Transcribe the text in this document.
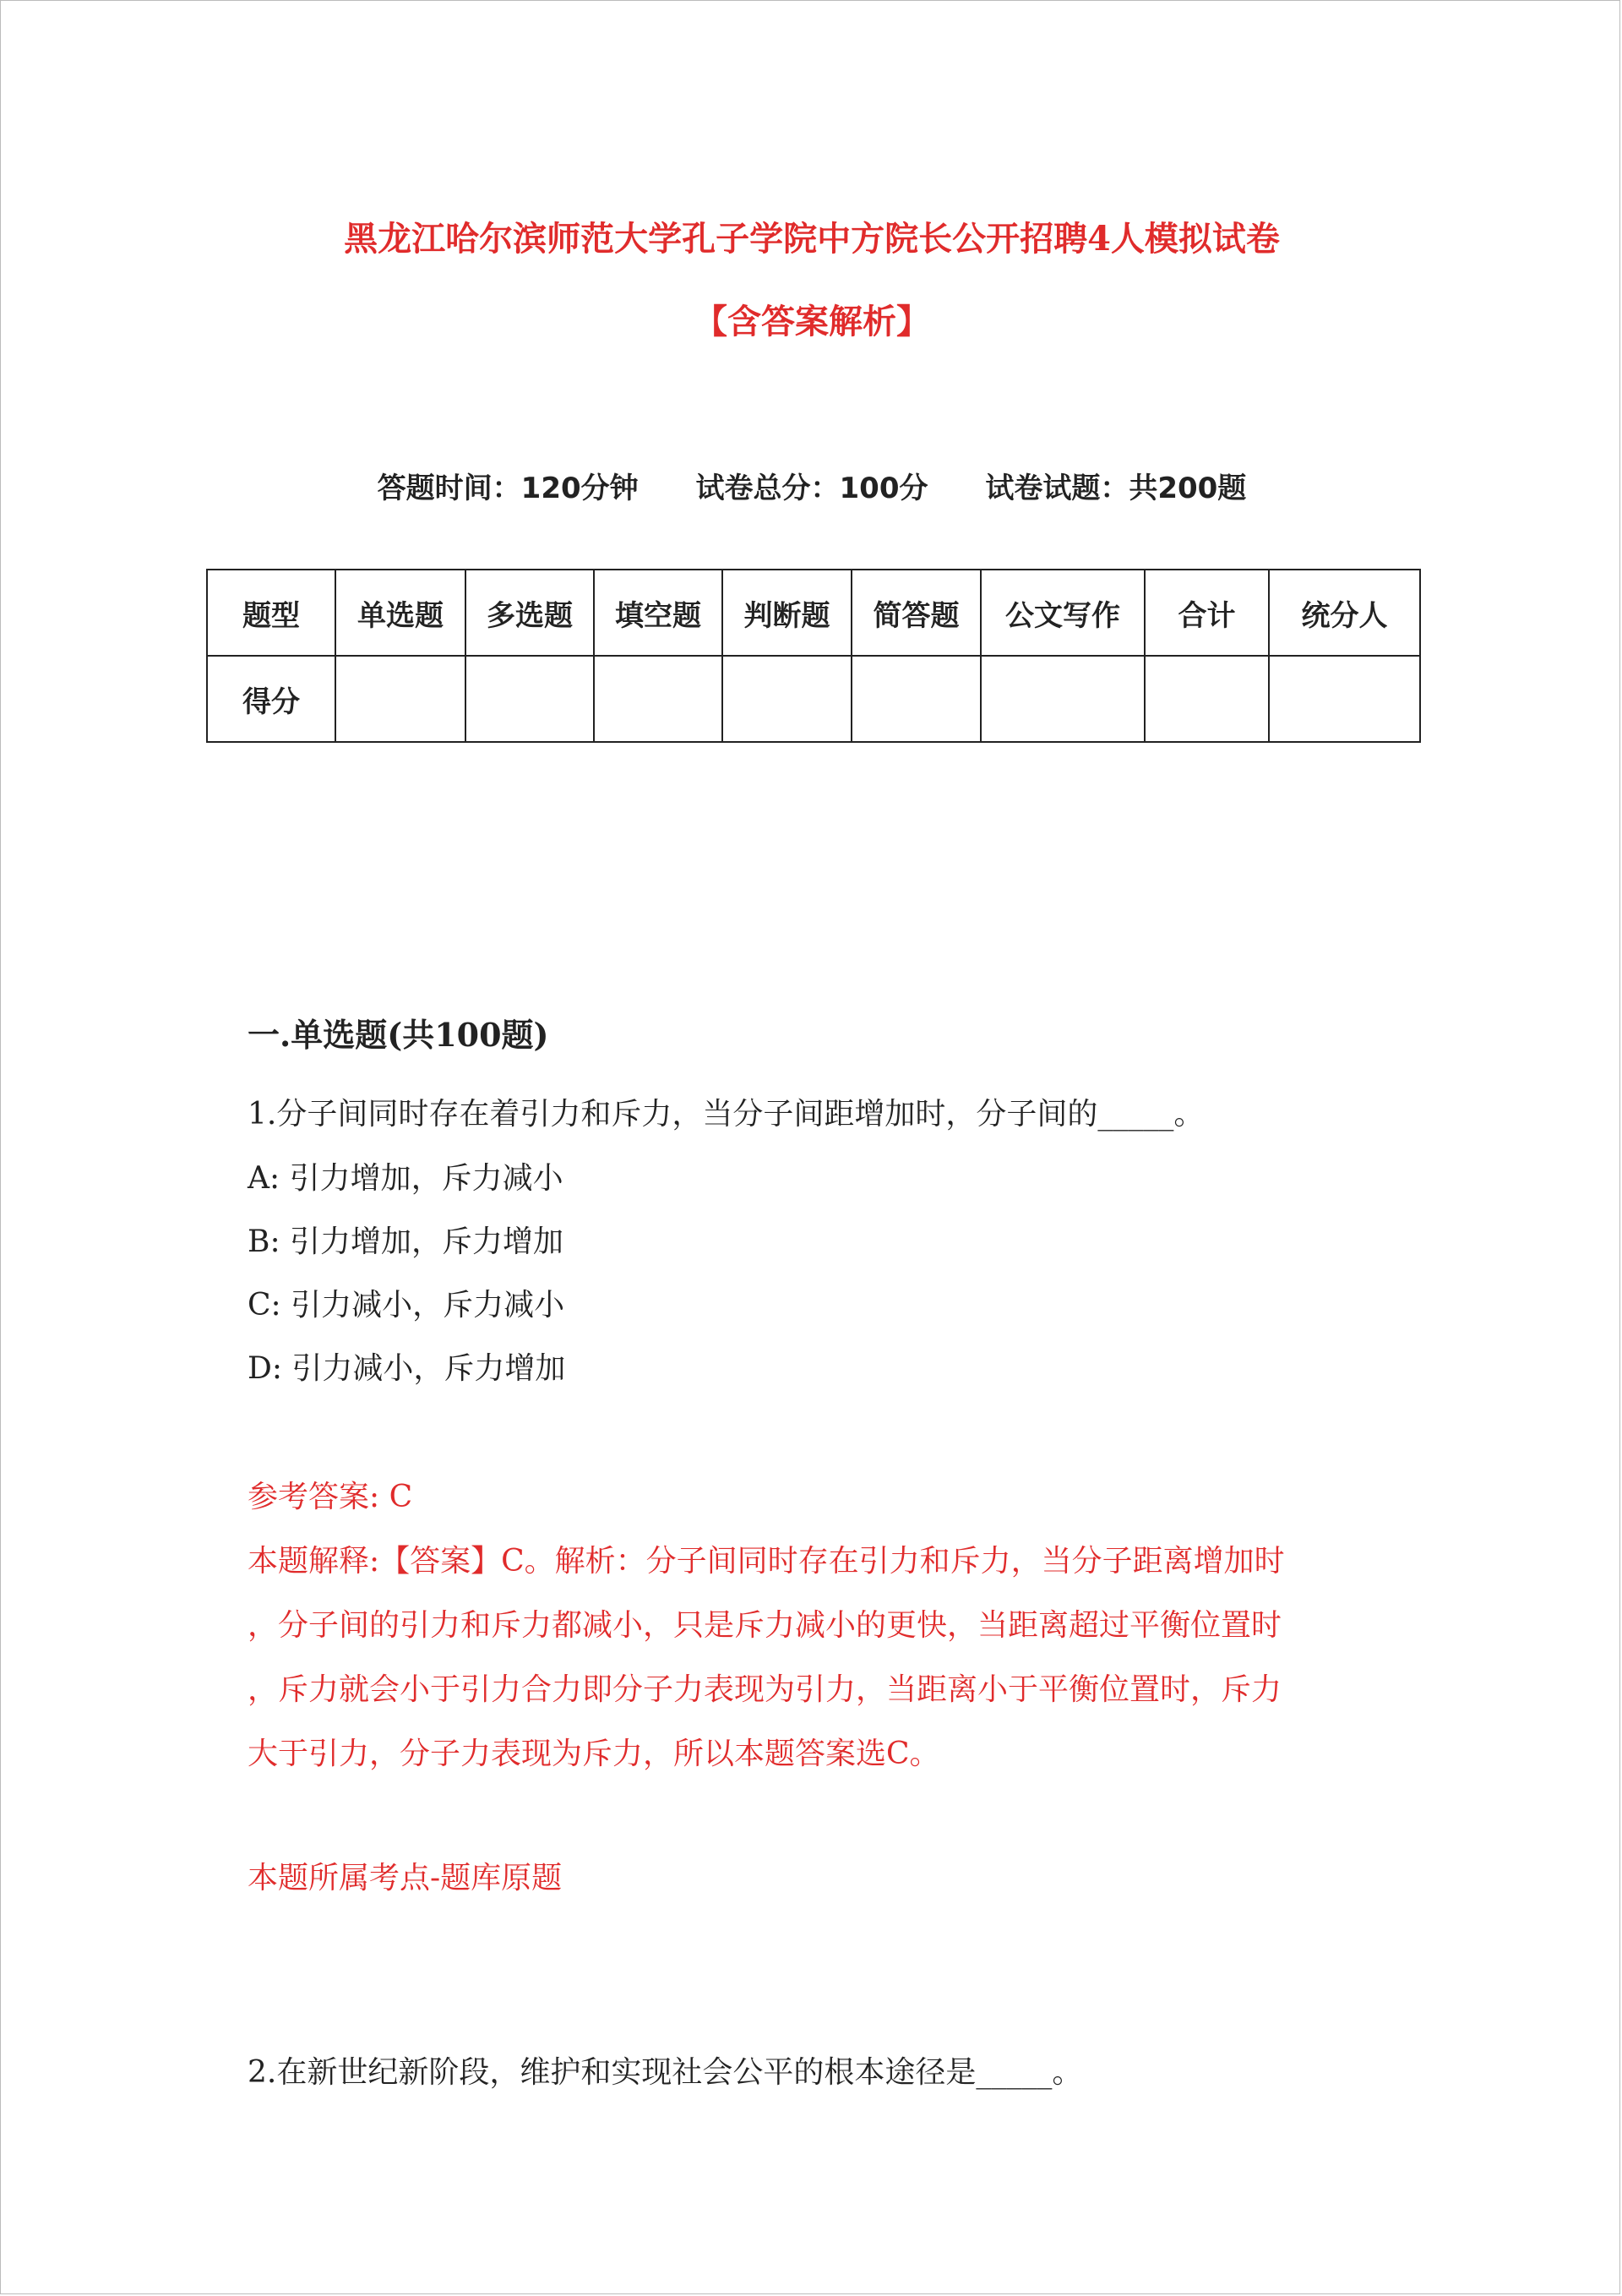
黑龙江哈尔滨师范大学孔子学院中方院长公开招聘4人模拟试卷
【含答案解析】
答题时间：120分钟 试卷总分：100分 试卷试题：共200题
题型	单选题	多选题	填空题	判断题	简答题	公文写作	合计	统分人
得分								
一.单选题(共100题)
1.分子间同时存在着引力和斥力，当分子间距增加时，分子间的_____。
A: 引力增加，斥力减小
B: 引力增加，斥力增加
C: 引力减小，斥力减小
D: 引力减小，斥力增加
参考答案: C
本题解释:【答案】C。解析：分子间同时存在引力和斥力，当分子距离增加时
，分子间的引力和斥力都减小，只是斥力减小的更快，当距离超过平衡位置时
，斥力就会小于引力合力即分子力表现为引力，当距离小于平衡位置时，斥力
大于引力，分子力表现为斥力，所以本题答案选C。
本题所属考点-题库原题
2.在新世纪新阶段，维护和实现社会公平的根本途径是_____。
